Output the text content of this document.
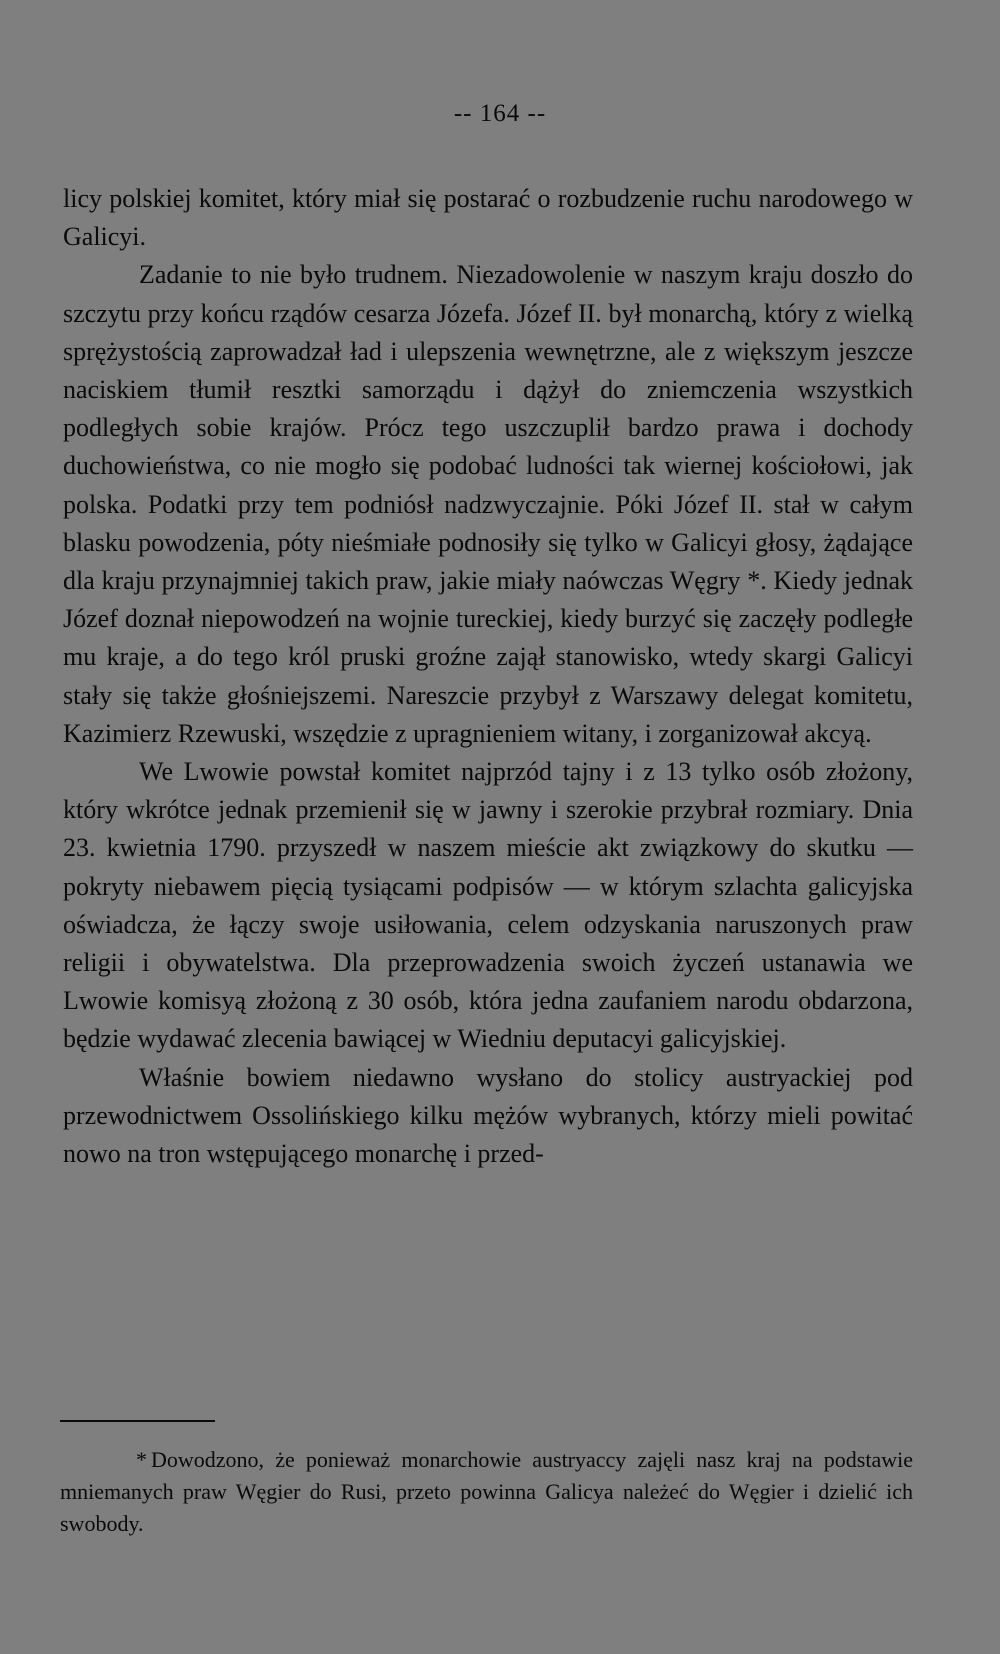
-- 164 --

licy polskiej komitet, który miał się postarać o rozbudzenie ruchu narodowego w Galicyi.

Zadanie to nie było trudnem. Niezadowolenie w naszym kraju doszło do szczytu przy końcu rządów cesarza Józefa. Józef II. był monarchą, który z wielką sprężystością zaprowadzał ład i ulepszenia wewnętrzne, ale z większym jeszcze naciskiem tłumił resztki samorządu i dążył do zniemczenia wszystkich podległych sobie krajów. Prócz tego uszczuplił bardzo prawa i dochody duchowieństwa, co nie mogło się podobać ludności tak wiernej kościołowi, jak polska. Podatki przy tem podniósł nadzwyczajnie. Póki Józef II. stał w całym blasku powodzenia, póty nieśmiałe podnosiły się tylko w Galicyi głosy, żądające dla kraju przynajmniej takich praw, jakie miały naówczas Węgry *. Kiedy jednak Józef doznał niepowodzeń na wojnie tureckiej, kiedy burzyć się zaczęły podległe mu kraje, a do tego król pruski groźne zajął stanowisko, wtedy skargi Galicyi stały się także głośniejszemi. Nareszcie przybył z Warszawy delegat komitetu, Kazimierz Rzewuski, wszędzie z upragnieniem witany, i zorganizował akcyą.

We Lwowie powstał komitet najprzód tajny i z 13 tylko osób złożony, który wkrótce jednak przemienił się w jawny i szerokie przybrał rozmiary. Dnia 23. kwietnia 1790. przyszedł w naszem mieście akt związkowy do skutku — pokryty niebawem pięcią tysiącami podpisów — w którym szlachta galicyjska oświadcza, że łączy swoje usiłowania, celem odzyskania naruszonych praw religii i obywatelstwa. Dla przeprowadzenia swoich życzeń ustanawia we Lwowie komisyą złożoną z 30 osób, która jedna zaufaniem narodu obdarzona, będzie wydawać zlecenia bawiącej w Wiedniu deputacyi galicyjskiej.

Właśnie bowiem niedawno wysłano do stolicy austryackiej pod przewodnictwem Ossolińskiego kilku mężów wybranych, którzy mieli powitać nowo na tron wstępującego monarchę i przed-

* Dowodzono, że ponieważ monarchowie austryaccy zajęli nasz kraj na podstawie mniemanych praw Węgier do Rusi, przeto powinna Galicya należeć do Węgier i dzielić ich swobody.
